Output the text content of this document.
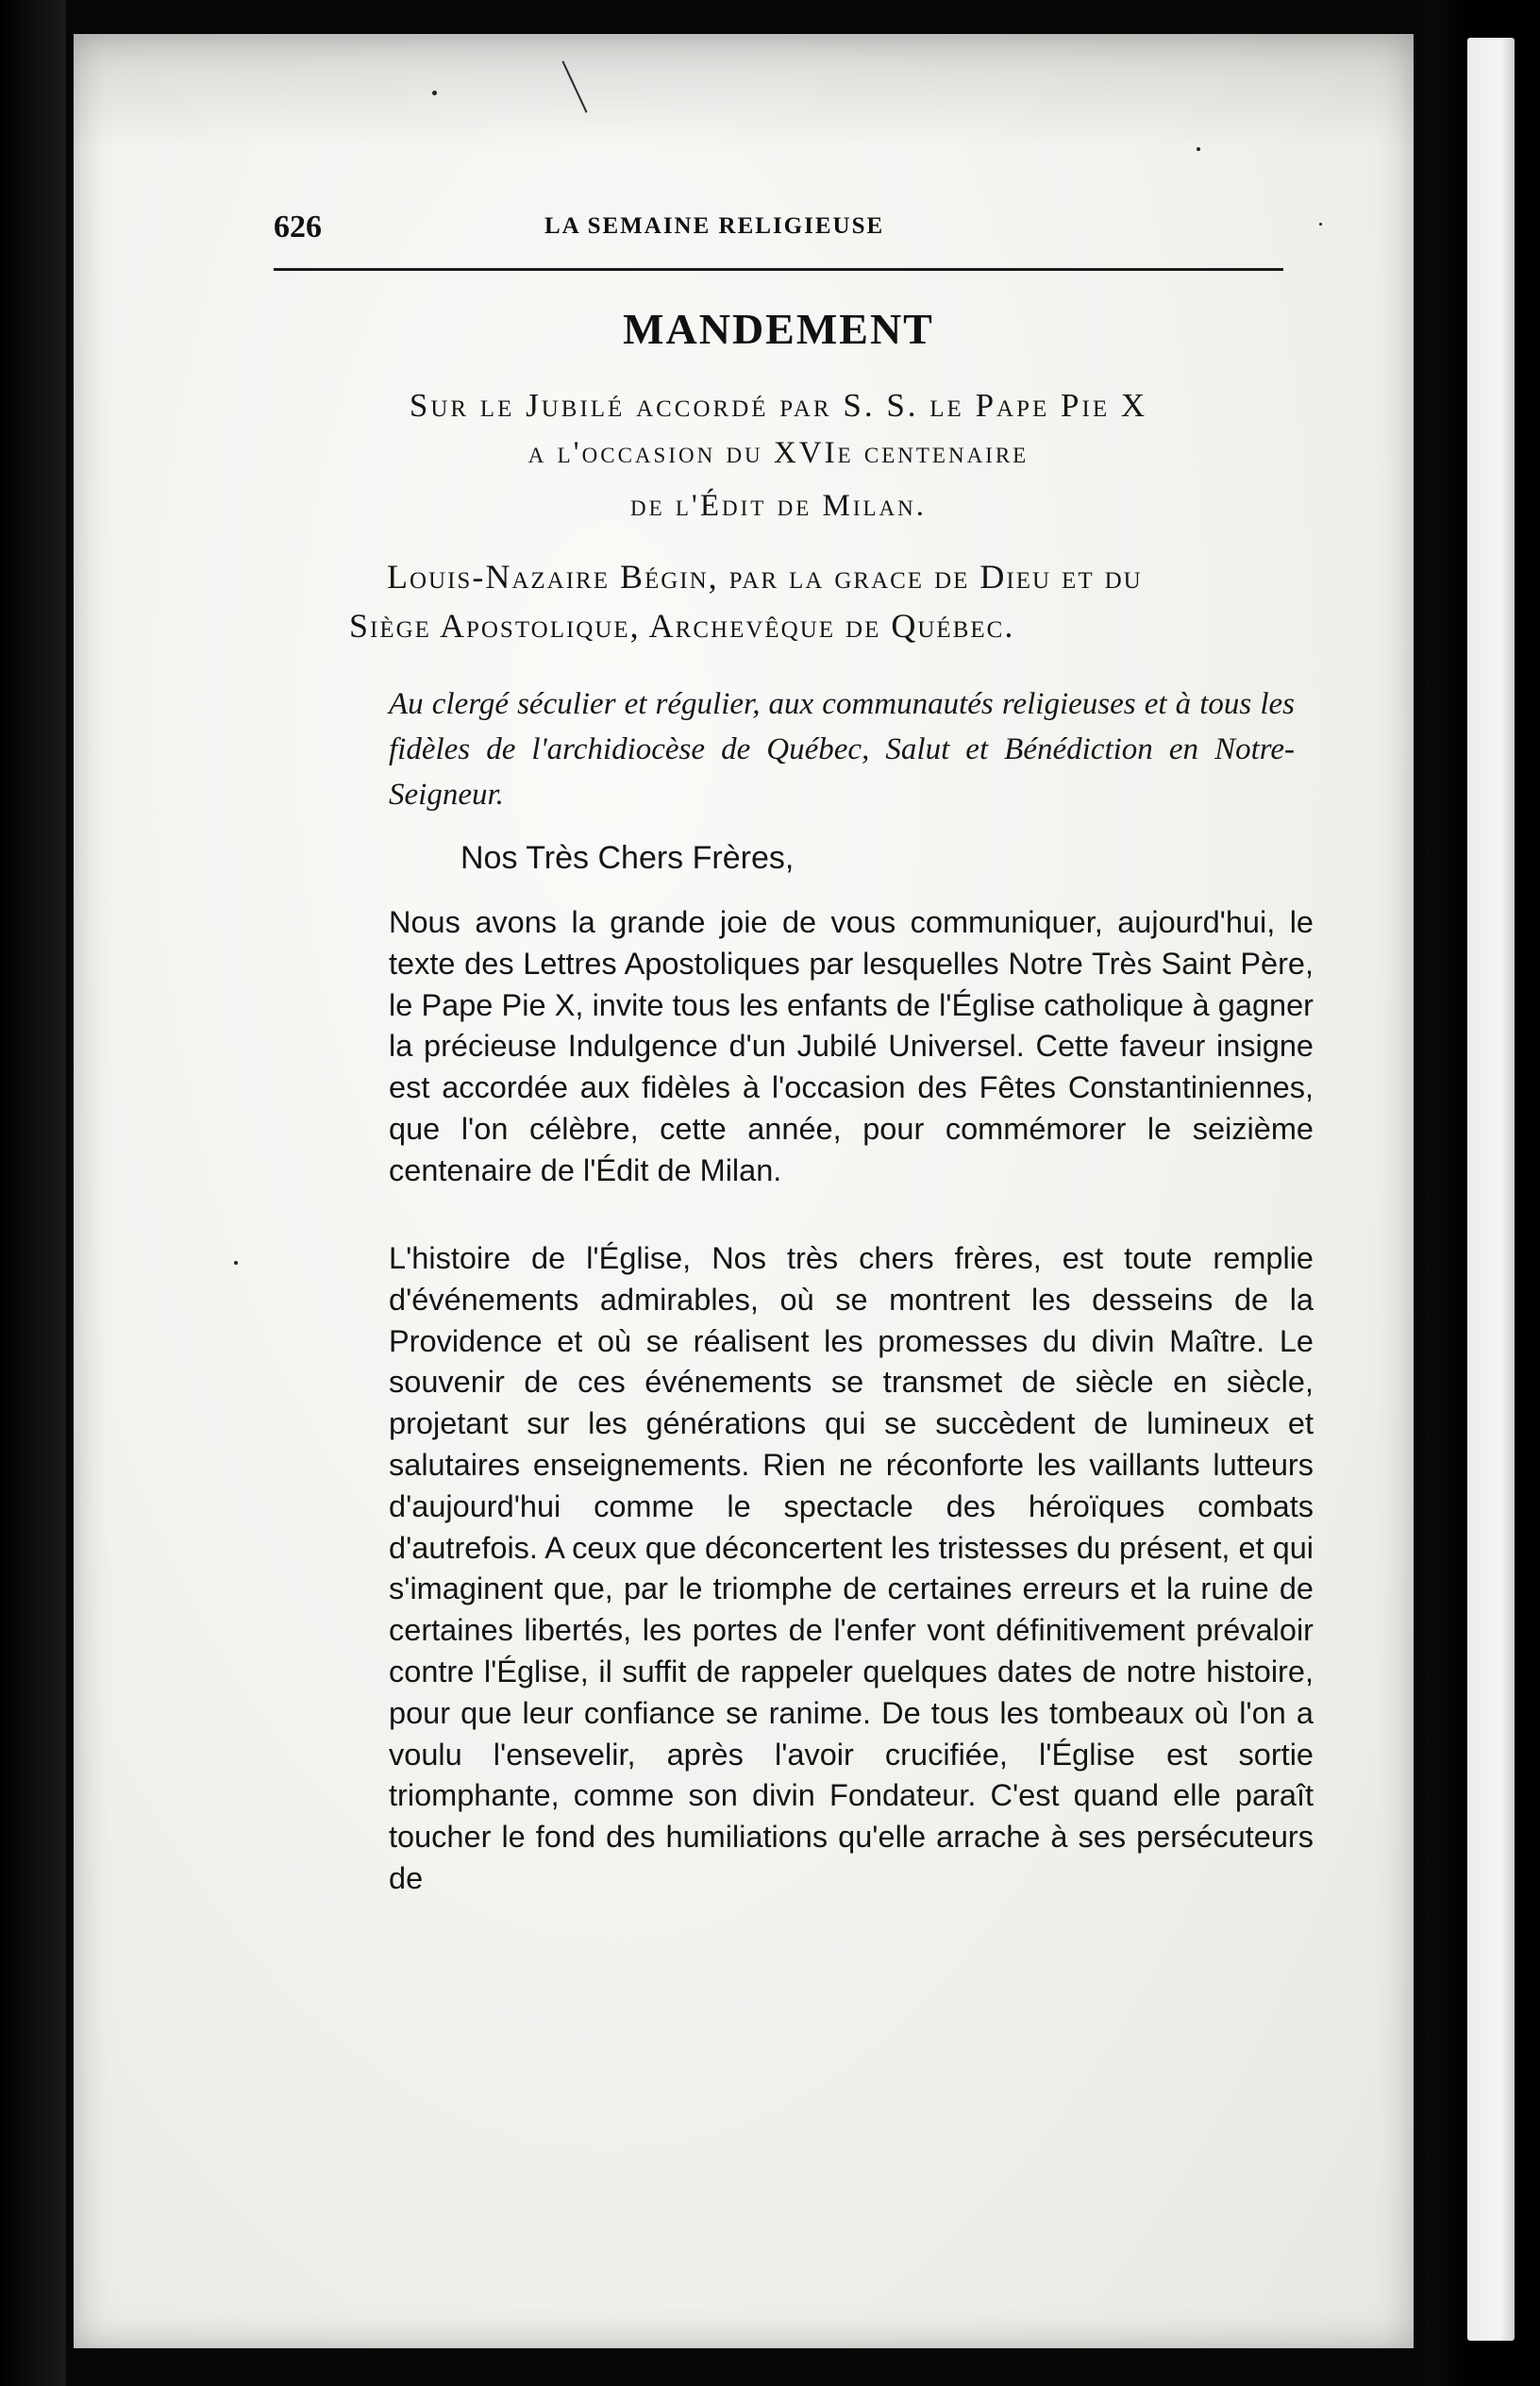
626	LA SEMAINE RELIGIEUSE
MANDEMENT
Sur le Jubilé accordé par S. S. le Pape Pie X
a l'occasion du XVIe centenaire
de l'Édit de Milan.
Louis-Nazaire Bégin, par la grace de Dieu et du
Siège Apostolique, Archevêque de Québec.
Au clergé séculier et régulier, aux communautés religieuses et à tous les fidèles de l'archidiocèse de Québec, Salut et Bénédiction en Notre-Seigneur.
Nos Très Chers Frères,
Nous avons la grande joie de vous communiquer, aujourd'hui, le texte des Lettres Apostoliques par lesquelles Notre Très Saint Père, le Pape Pie X, invite tous les enfants de l'Église catholique à gagner la précieuse Indulgence d'un Jubilé Universel. Cette faveur insigne est accordée aux fidèles à l'occasion des Fêtes Constantiniennes, que l'on célèbre, cette année, pour commémorer le seizième centenaire de l'Édit de Milan.
L'histoire de l'Église, Nos très chers frères, est toute remplie d'événements admirables, où se montrent les desseins de la Providence et où se réalisent les promesses du divin Maître. Le souvenir de ces événements se transmet de siècle en siècle, projetant sur les générations qui se succèdent de lumineux et salutaires enseignements. Rien ne réconforte les vaillants lutteurs d'aujourd'hui comme le spectacle des héroïques combats d'autrefois. A ceux que déconcertent les tristesses du présent, et qui s'imaginent que, par le triomphe de certaines erreurs et la ruine de certaines libertés, les portes de l'enfer vont définitivement prévaloir contre l'Église, il suffit de rappeler quelques dates de notre histoire, pour que leur confiance se ranime. De tous les tombeaux où l'on a voulu l'ensevelir, après l'avoir crucifiée, l'Église est sortie triomphante, comme son divin Fondateur. C'est quand elle paraît toucher le fond des humiliations qu'elle arrache à ses persécuteurs de
